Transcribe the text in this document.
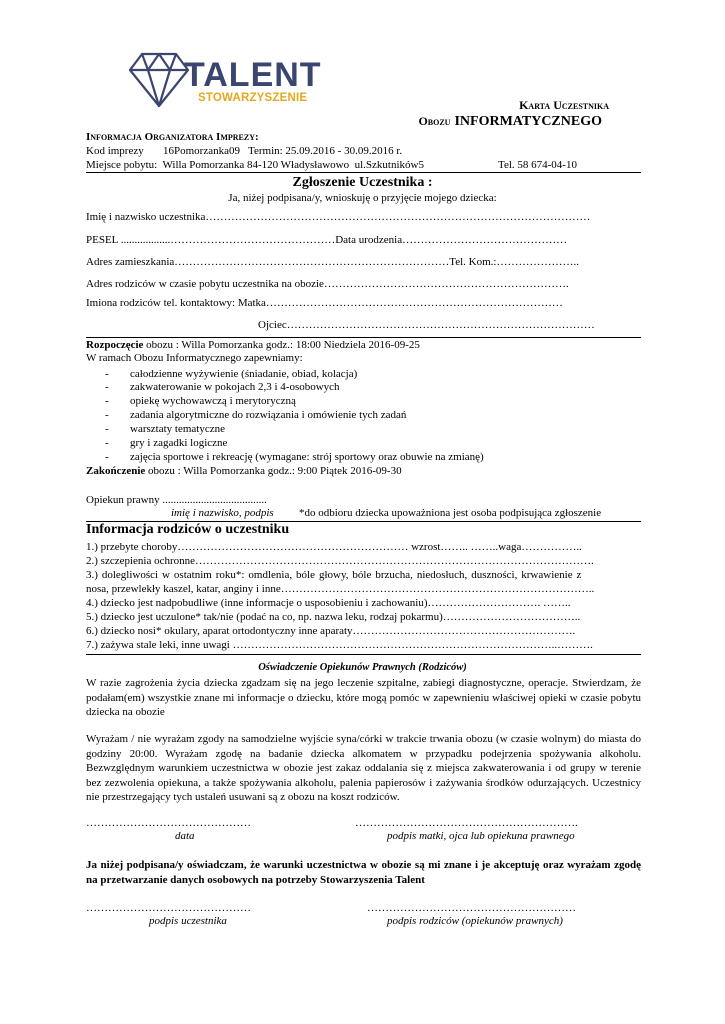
TALENT
STOWARZYSZENIE	Karta Uczestnika
Obozu INFORMATYCZNEGO
Informacja Organizatora Imprezy:
Kod imprezy       16Pomorzanka09   Termin: 25.09.2016 - 30.09.2016 r.
Miejsce pobytu:  Willa Pomorzanka 84-120 Władysławowo  ul.Szkutników5	Tel. 58 674-04-10
Zgłoszenie Uczestnika :
Ja, niżej podpisana/y, wnioskuję o przyjęcie mojego dziecka:
Imię i nazwisko uczestnika……………………………………………………………………………………………
PESEL ..................………………………………………Data urodzenia………………………………………
Adres zamieszkania…………………………………………………………………Tel. Kom.:…………………..
Adres rodziców w czasie pobytu uczestnika na obozie………………………………………………………….
Imiona rodziców tel. kontaktowy: Matka………………………………………………………………………
Ojciec…………………………………………………………………………
Rozpoczęcie obozu : Willa Pomorzanka godz.: 18:00 Niedziela 2016-09-25
W ramach Obozu Informatycznego zapewniamy:
- całodzienne wyżywienie (śniadanie, obiad, kolacja)
- zakwaterowanie w pokojach 2,3 i 4-osobowych
- opiekę wychowawczą i merytoryczną
- zadania algorytmiczne do rozwiązania i omówienie tych zadań
- warsztaty tematyczne
- gry i zagadki logiczne
- zajęcia sportowe i rekreację (wymagane: strój sportowy oraz obuwie na zmianę)
Zakończenie obozu : Willa Pomorzanka godz.: 9:00 Piątek 2016-09-30
Opiekun prawny ......................................
imię i nazwisko, podpis *do odbioru dziecka upoważniona jest osoba podpisująca zgłoszenie
Informacja rodziców o uczestniku
1.) przebyte choroby……………………………………………………… wzrost…….. ……..waga……………..
2.) szczepienia ochronne……………………………………………………………………………………………….
3.) dolegliwości w ostatnim roku*: omdlenia, bóle głowy, bóle brzucha, niedosłuch, duszności, krwawienie z
nosa, przewlekły kaszel, katar, anginy i inne…………………………………………………………………………..
4.) dziecko jest nadpobudliwe (inne informacje o usposobieniu i zachowaniu)…………………………. ……..
5.) dziecko jest uczulone* tak/nie (podać na co, np. nazwa leku, rodzaj pokarmu)………………………………..
6.) dziecko nosi* okulary, aparat ortodontyczny inne aparaty…………………………………………………….
7.) zażywa stale leki, inne uwagi ……………………………………………………………………………..……….
Oświadczenie Opiekunów Prawnych (Rodziców)
W razie zagrożenia życia dziecka zgadzam się na jego leczenie szpitalne, zabiegi diagnostyczne, operacje. Stwierdzam, że podałam(em) wszystkie znane mi informacje o dziecku, które mogą pomóc w zapewnieniu właściwej opieki w czasie pobytu dziecka na obozie
Wyrażam / nie wyrażam zgody na samodzielne wyjście syna/córki w trakcie trwania obozu (w czasie wolnym) do miasta do godziny 20:00. Wyrażam zgodę na badanie dziecka alkomatem w przypadku podejrzenia spożywania alkoholu. Bezwzględnym warunkiem uczestnictwa w obozie jest zakaz oddalania się z miejsca zakwaterowania i od grupy w terenie bez zezwolenia opiekuna, a także spożywania alkoholu, palenia papierosów i zażywania środków odurzających. Uczestnicy nie przestrzegający tych ustaleń usuwani są z obozu na koszt rodziców.
………………………………………
data
…………………………………………………….
podpis matki, ojca lub opiekuna prawnego
Ja niżej podpisana/y oświadczam, że warunki uczestnictwa w obozie są mi znane i je akceptuję oraz wyrażam zgodę na przetwarzanie danych osobowych na potrzeby Stowarzyszenia Talent
………………………………………
podpis uczestnika
…………………………………………………
podpis rodziców (opiekunów prawnych)
